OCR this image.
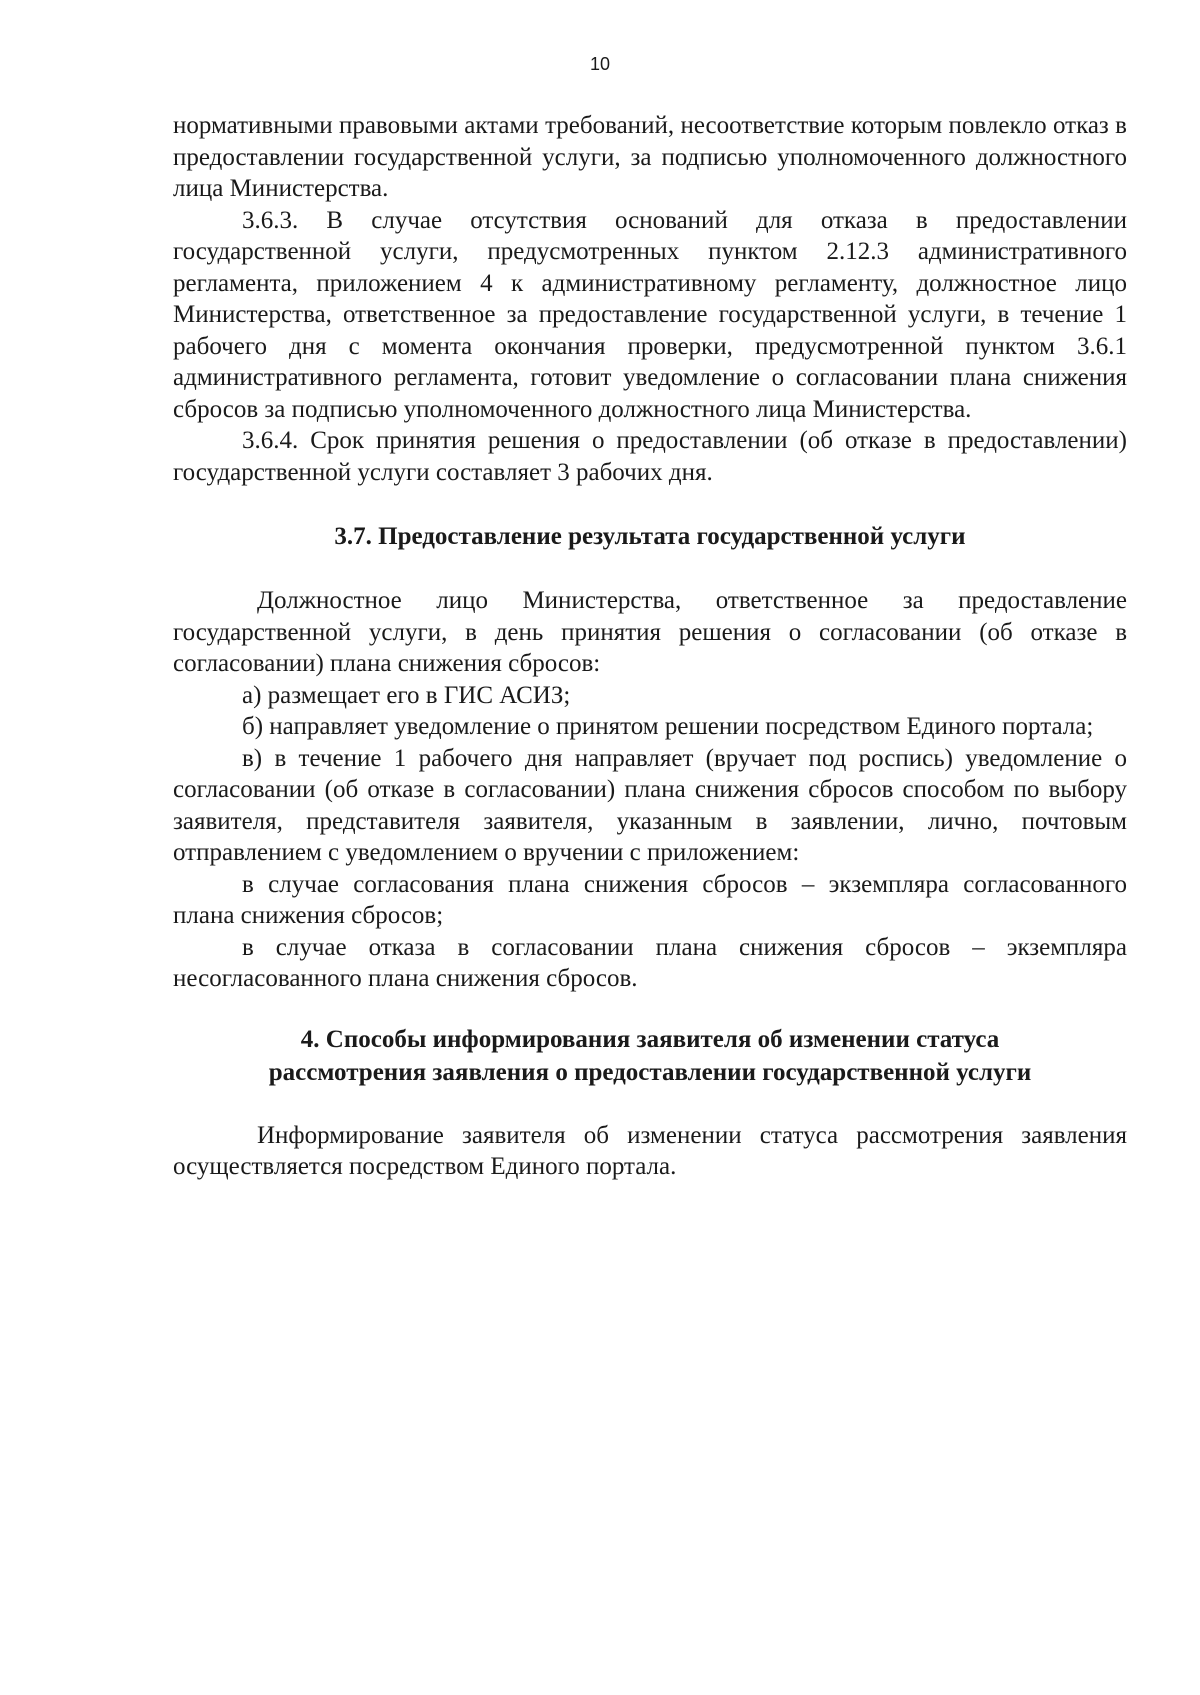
10

нормативными правовыми актами требований, несоответствие которым повлекло отказ в предоставлении государственной услуги, за подписью уполномоченного должностного лица Министерства.

3.6.3. В случае отсутствия оснований для отказа в предоставлении государственной услуги, предусмотренных пунктом 2.12.3 административного регламента, приложением 4 к административному регламенту, должностное лицо Министерства, ответственное за предоставление государственной услуги, в течение 1 рабочего дня с момента окончания проверки, предусмотренной пунктом 3.6.1 административного регламента, готовит уведомление о согласовании плана снижения сбросов за подписью уполномоченного должностного лица Министерства.

3.6.4. Срок принятия решения о предоставлении (об отказе в предоставлении) государственной услуги составляет 3 рабочих дня.

3.7. Предоставление результата государственной услуги

Должностное лицо Министерства, ответственное за предоставление государственной услуги, в день принятия решения о согласовании (об отказе в согласовании) плана снижения сбросов:

а) размещает его в ГИС АСИЗ;

б) направляет уведомление о принятом решении посредством Единого портала;

в) в течение 1 рабочего дня направляет (вручает под роспись) уведомление о согласовании (об отказе в согласовании) плана снижения сбросов способом по выбору заявителя, представителя заявителя, указанным в заявлении, лично, почтовым отправлением с уведомлением о вручении с приложением:

в случае согласования плана снижения сбросов – экземпляра согласованного плана снижения сбросов;

в случае отказа в согласовании плана снижения сбросов – экземпляра несогласованного плана снижения сбросов.

4. Способы информирования заявителя об изменении статуса
рассмотрения заявления о предоставлении государственной услуги

Информирование заявителя об изменении статуса рассмотрения заявления осуществляется посредством Единого портала.
